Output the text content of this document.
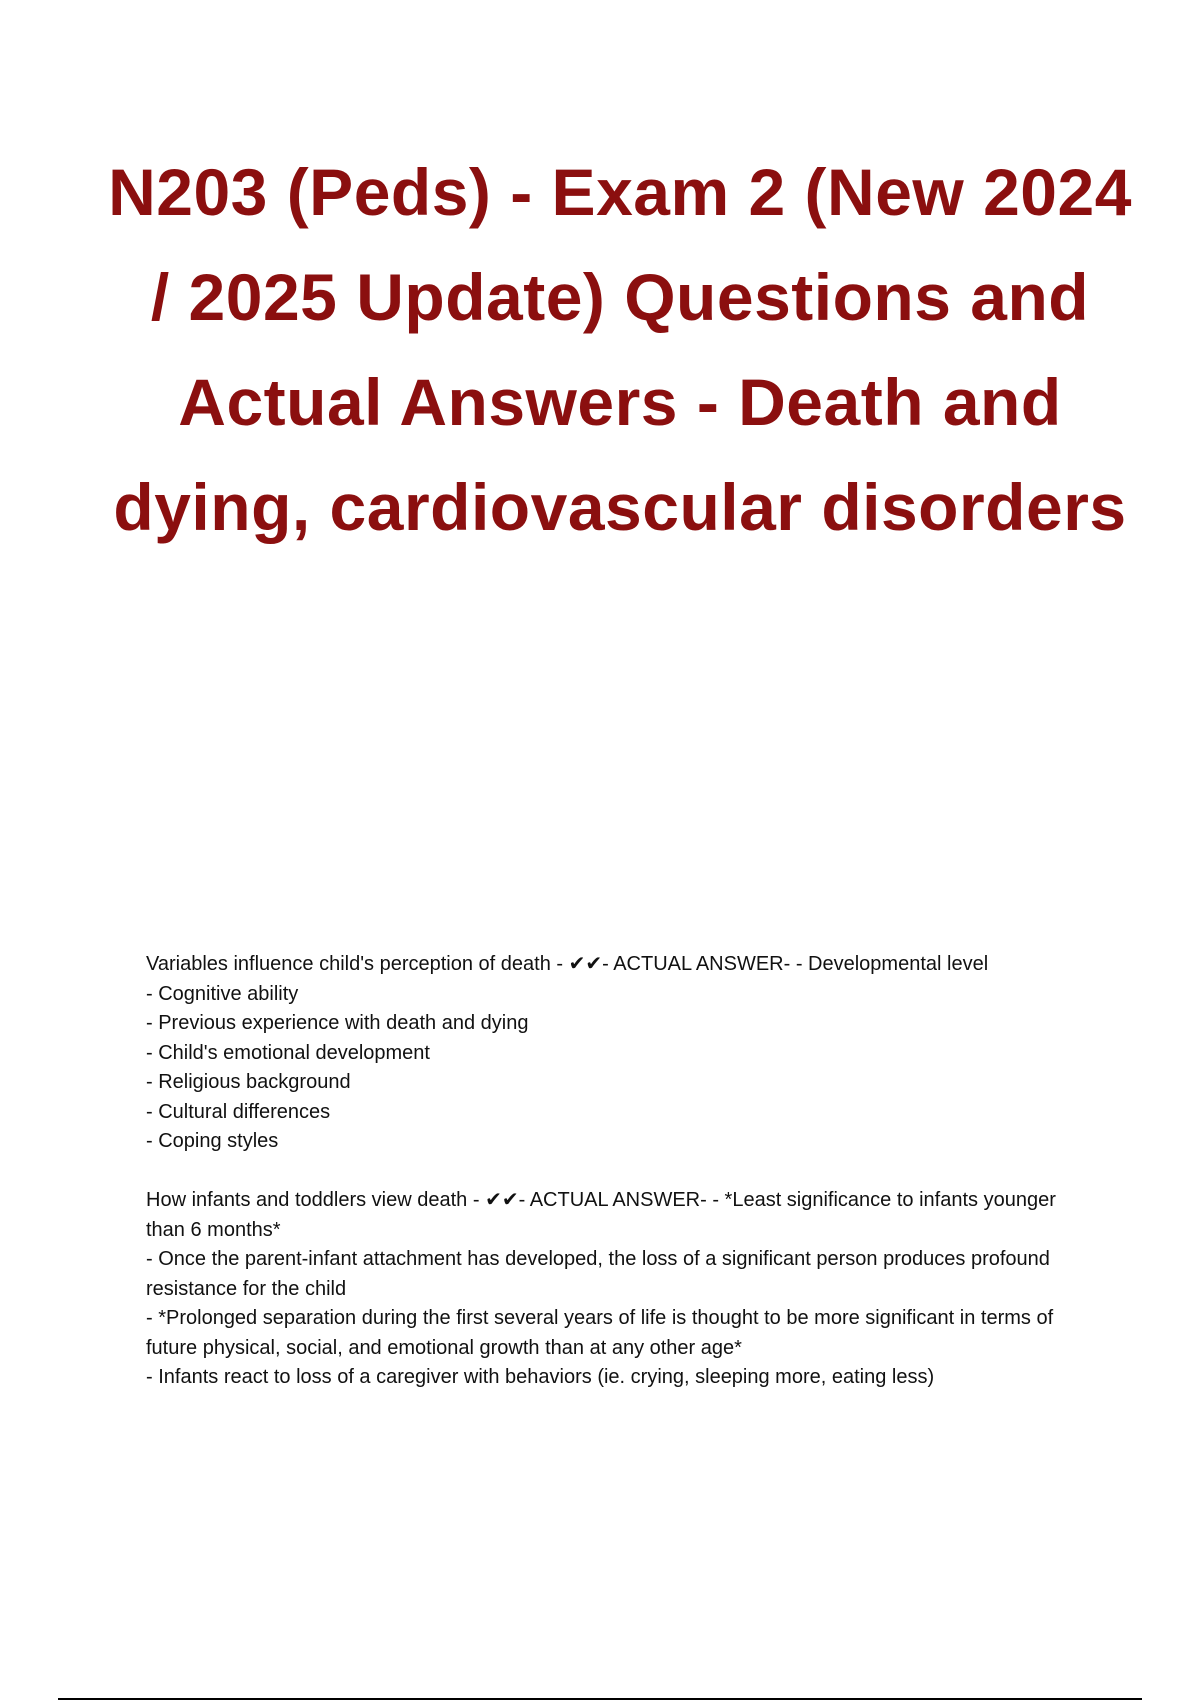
N203 (Peds) - Exam 2 (New 2024 / 2025 Update) Questions and Actual Answers - Death and dying, cardiovascular disorders
Variables influence child's perception of death - ✔✔- ACTUAL ANSWER- - Developmental level
- Cognitive ability
- Previous experience with death and dying
- Child's emotional development
- Religious background
- Cultural differences
- Coping styles
How infants and toddlers view death - ✔✔- ACTUAL ANSWER- - *Least significance to infants younger than 6 months*
- Once the parent-infant attachment has developed, the loss of a significant person produces profound resistance for the child
- *Prolonged separation during the first several years of life is thought to be more significant in terms of future physical, social, and emotional growth than at any other age*
- Infants react to loss of a caregiver with behaviors (ie. crying, sleeping more, eating less)
